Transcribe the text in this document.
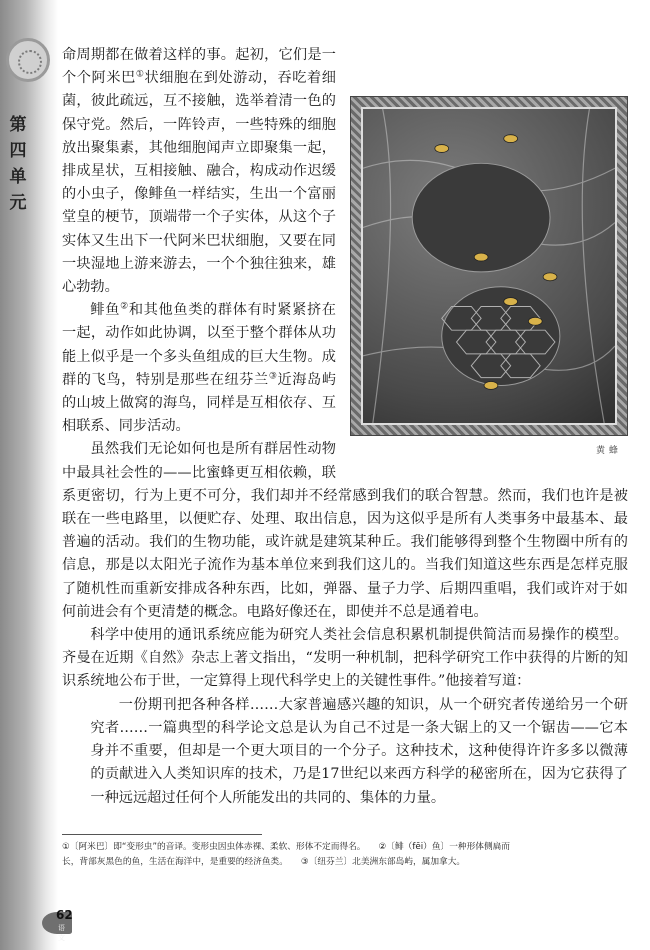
第四单元
黄蜂

命周期都在做着这样的事。起初，它们是一个个阿米巴①状细胞在到处游动，吞吃着细菌，彼此疏远，互不接触，选举着清一色的保守党。然后，一阵铃声，一些特殊的细胞放出聚集素，其他细胞闻声立即聚集一起，排成星状，互相接触、融合，构成动作迟缓的小虫子，像鲱鱼一样结实，生出一个富丽堂皇的梗节，顶端带一个子实体，从这个子实体又生出下一代阿米巴状细胞，又要在同一块湿地上游来游去，一个个独往独来，雄心勃勃。

鲱鱼②和其他鱼类的群体有时紧紧挤在一起，动作如此协调，以至于整个群体从功能上似乎是一个多头鱼组成的巨大生物。成群的飞鸟，特别是那些在纽芬兰③近海岛屿的山坡上做窝的海鸟，同样是互相依存、互相联系、同步活动。

虽然我们无论如何也是所有群居性动物中最具社会性的——比蜜蜂更互相依赖，联系更密切，行为上更不可分，我们却并不经常感到我们的联合智慧。然而，我们也许是被联在一些电路里，以便贮存、处理、取出信息，因为这似乎是所有人类事务中最基本、最普遍的活动。我们的生物功能，或许就是建筑某种丘。我们能够得到整个生物圈中所有的信息，那是以太阳光子流作为基本单位来到我们这儿的。当我们知道这些东西是怎样克服了随机性而重新安排成各种东西，比如，弹器、量子力学、后期四重唱，我们或许对于如何前进会有个更清楚的概念。电路好像还在，即使并不总是通着电。

科学中使用的通讯系统应能为研究人类社会信息积累机制提供简洁而易操作的模型。齐曼在近期《自然》杂志上著文指出，“发明一种机制，把科学研究工作中获得的片断的知识系统地公布于世，一定算得上现代科学史上的关键性事件。”他接着写道：

一份期刊把各种各样……大家普遍感兴趣的知识，从一个研究者传递给另一个研究者……一篇典型的科学论文总是认为自己不过是一条大锯上的又一个锯齿——它本身并不重要，但却是一个更大项目的一个分子。这种技术，这种使得许许多多以微薄的贡献进入人类知识库的技术，乃是17世纪以来西方科学的秘密所在，因为它获得了一种远远超过任何个人所能发出的共同的、集体的力量。

①〔阿米巴〕即“变形虫”的音译。变形虫因虫体赤裸、柔软、形体不定而得名。　　②〔鲱（fēi）鱼〕一种形体侧扁而

长，背部灰黑色的鱼，生活在海洋中，是重要的经济鱼类。　　③〔纽芬兰〕北美洲东部岛屿，属加拿大。

62
语 文
